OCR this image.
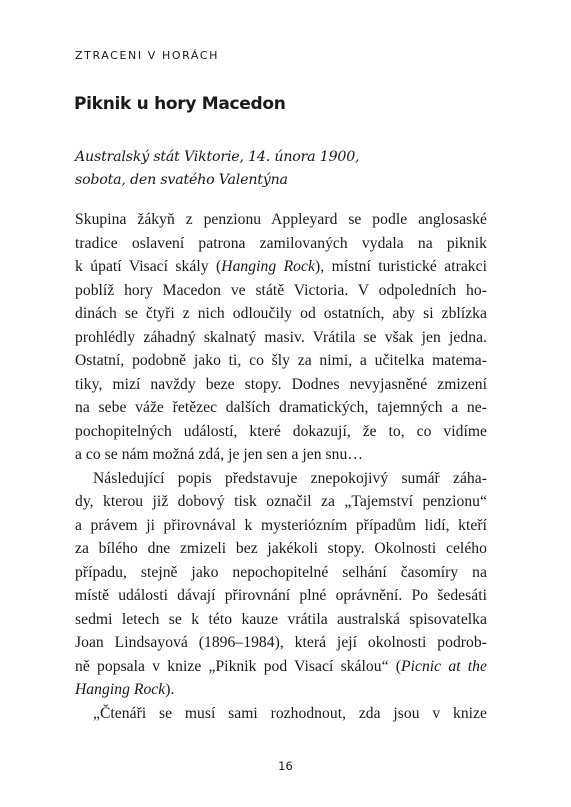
ZTRACENI V HORÁCH
Piknik u hory Macedon
Australský stát Viktorie, 14. února 1900,
sobota, den svatého Valentýna
Skupina žákyň z penzionu Appleyard se podle anglosaské
tradice oslavení patrona zamilovaných vydala na piknik
k úpatí Visací skály (Hanging Rock), místní turistické atrakci
poblíž hory Macedon ve státě Victoria. V odpoledních ho-
dinách se čtyři z nich odloučily od ostatních, aby si zblízka
prohlédly záhadný skalnatý masiv. Vrátila se však jen jedna.
Ostatní, podobně jako ti, co šly za nimi, a učitelka matema-
tiky, mizí navždy beze stopy. Dodnes nevyjasněné zmizení
na sebe váže řetězec dalších dramatických, tajemných a ne-
pochopitelných událostí, které dokazují, že to, co vidíme
a co se nám možná zdá, je jen sen a jen snu…
Následující popis představuje znepokojivý sumář záha-
dy, kterou již dobový tisk označil za „Tajemství penzionu“
a právem ji přirovnával k mysteriózním případům lidí, kteří
za bílého dne zmizeli bez jakékoli stopy. Okolnosti celého
případu, stejně jako nepochopitelné selhání časomíry na
místě události dávají přirovnání plné oprávnění. Po šedesáti
sedmi letech se k této kauze vrátila australská spisovatelka
Joan Lindsayová (1896–1984), která její okolnosti podrob-
ně popsala v knize „Piknik pod Visací skálou“ (Picnic at the
Hanging Rock).
„Čtenáři se musí sami rozhodnout, zda jsou v knize
16
